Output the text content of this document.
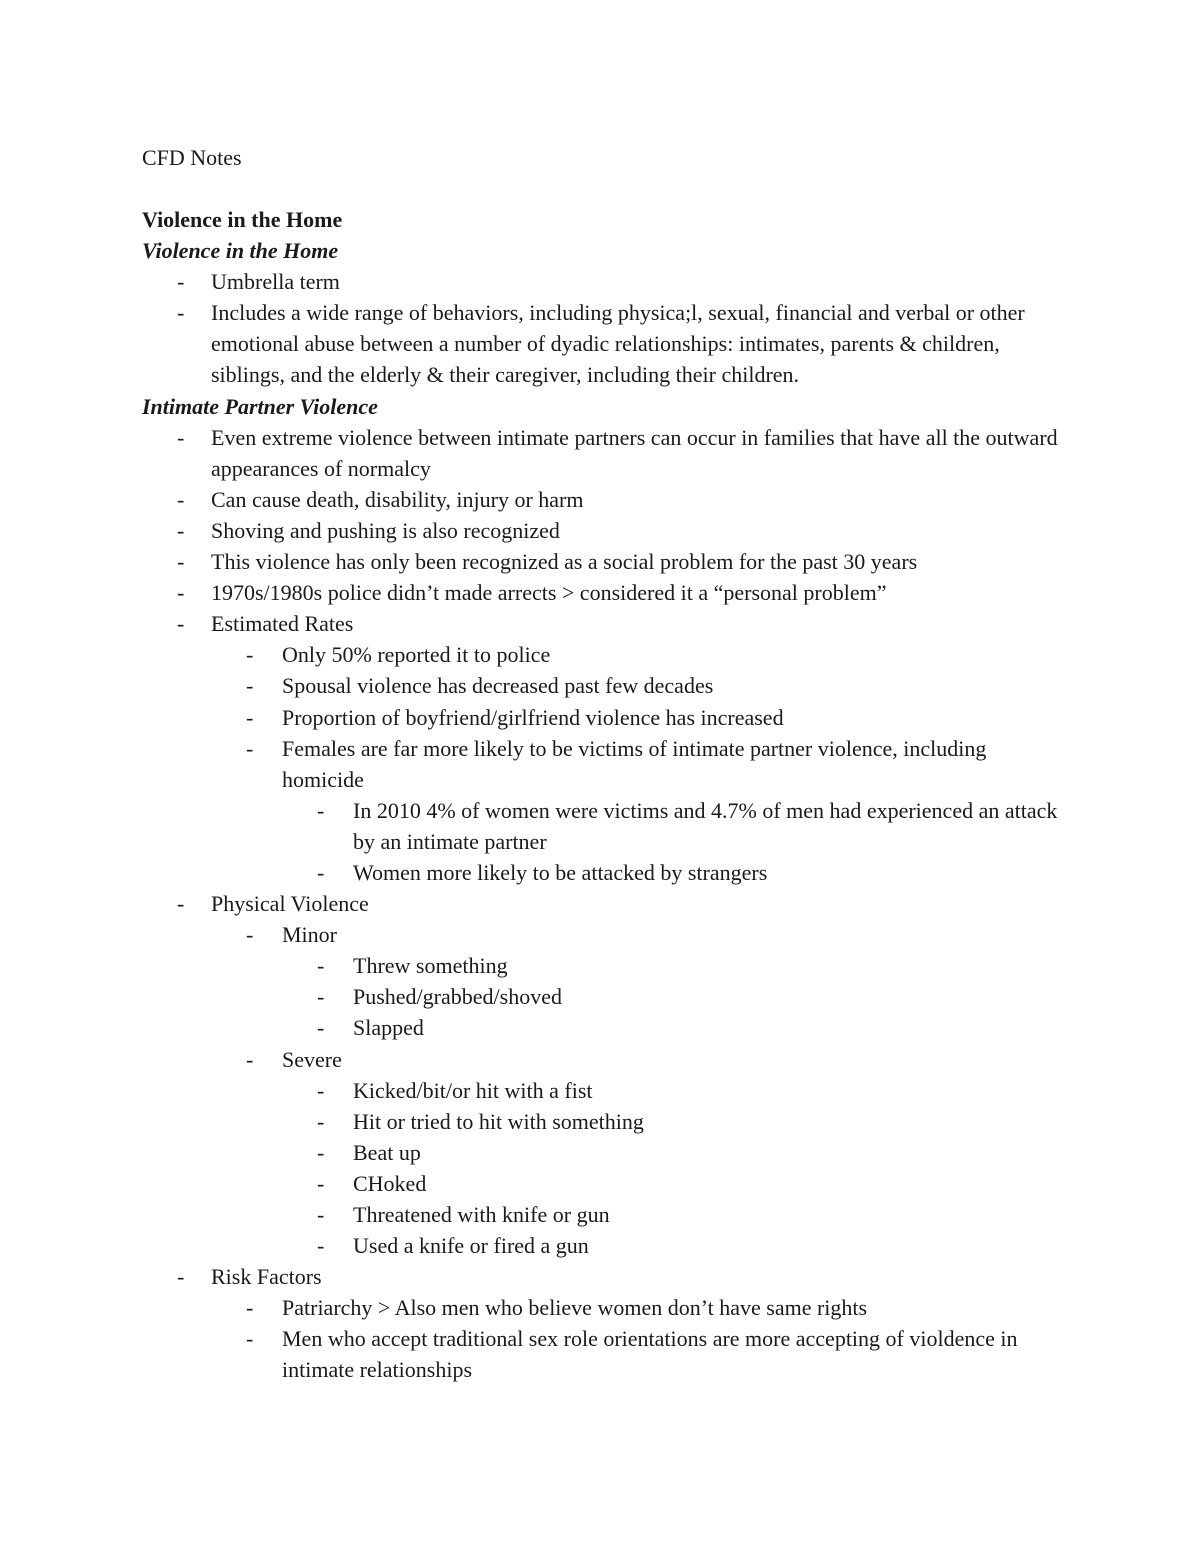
CFD Notes
Violence in the Home
Violence in the Home
- Umbrella term
- Includes a wide range of behaviors, including physica;l, sexual, financial and verbal or other emotional abuse between a number of dyadic relationships: intimates, parents & children, siblings, and the elderly & their caregiver, including their children.
Intimate Partner Violence
- Even extreme violence between intimate partners can occur in families that have all the outward appearances of normalcy
- Can cause death, disability, injury or harm
- Shoving and pushing is also recognized
- This violence has only been recognized as a social problem for the past 30 years
- 1970s/1980s police didn’t made arrects > considered it a “personal problem”
- Estimated Rates
- Only 50% reported it to police
- Spousal violence has decreased past few decades
- Proportion of boyfriend/girlfriend violence has increased
- Females are far more likely to be victims of intimate partner violence, including homicide
- In 2010 4% of women were victims and 4.7% of men had experienced an attack by an intimate partner
- Women more likely to be attacked by strangers
- Physical Violence
- Minor
- Threw something
- Pushed/grabbed/shoved
- Slapped
- Severe
- Kicked/bit/or hit with a fist
- Hit or tried to hit with something
- Beat up
- CHoked
- Threatened with knife or gun
- Used a knife or fired a gun
- Risk Factors
- Patriarchy > Also men who believe women don’t have same rights
- Men who accept traditional sex role orientations are more accepting of violdence in intimate relationships
